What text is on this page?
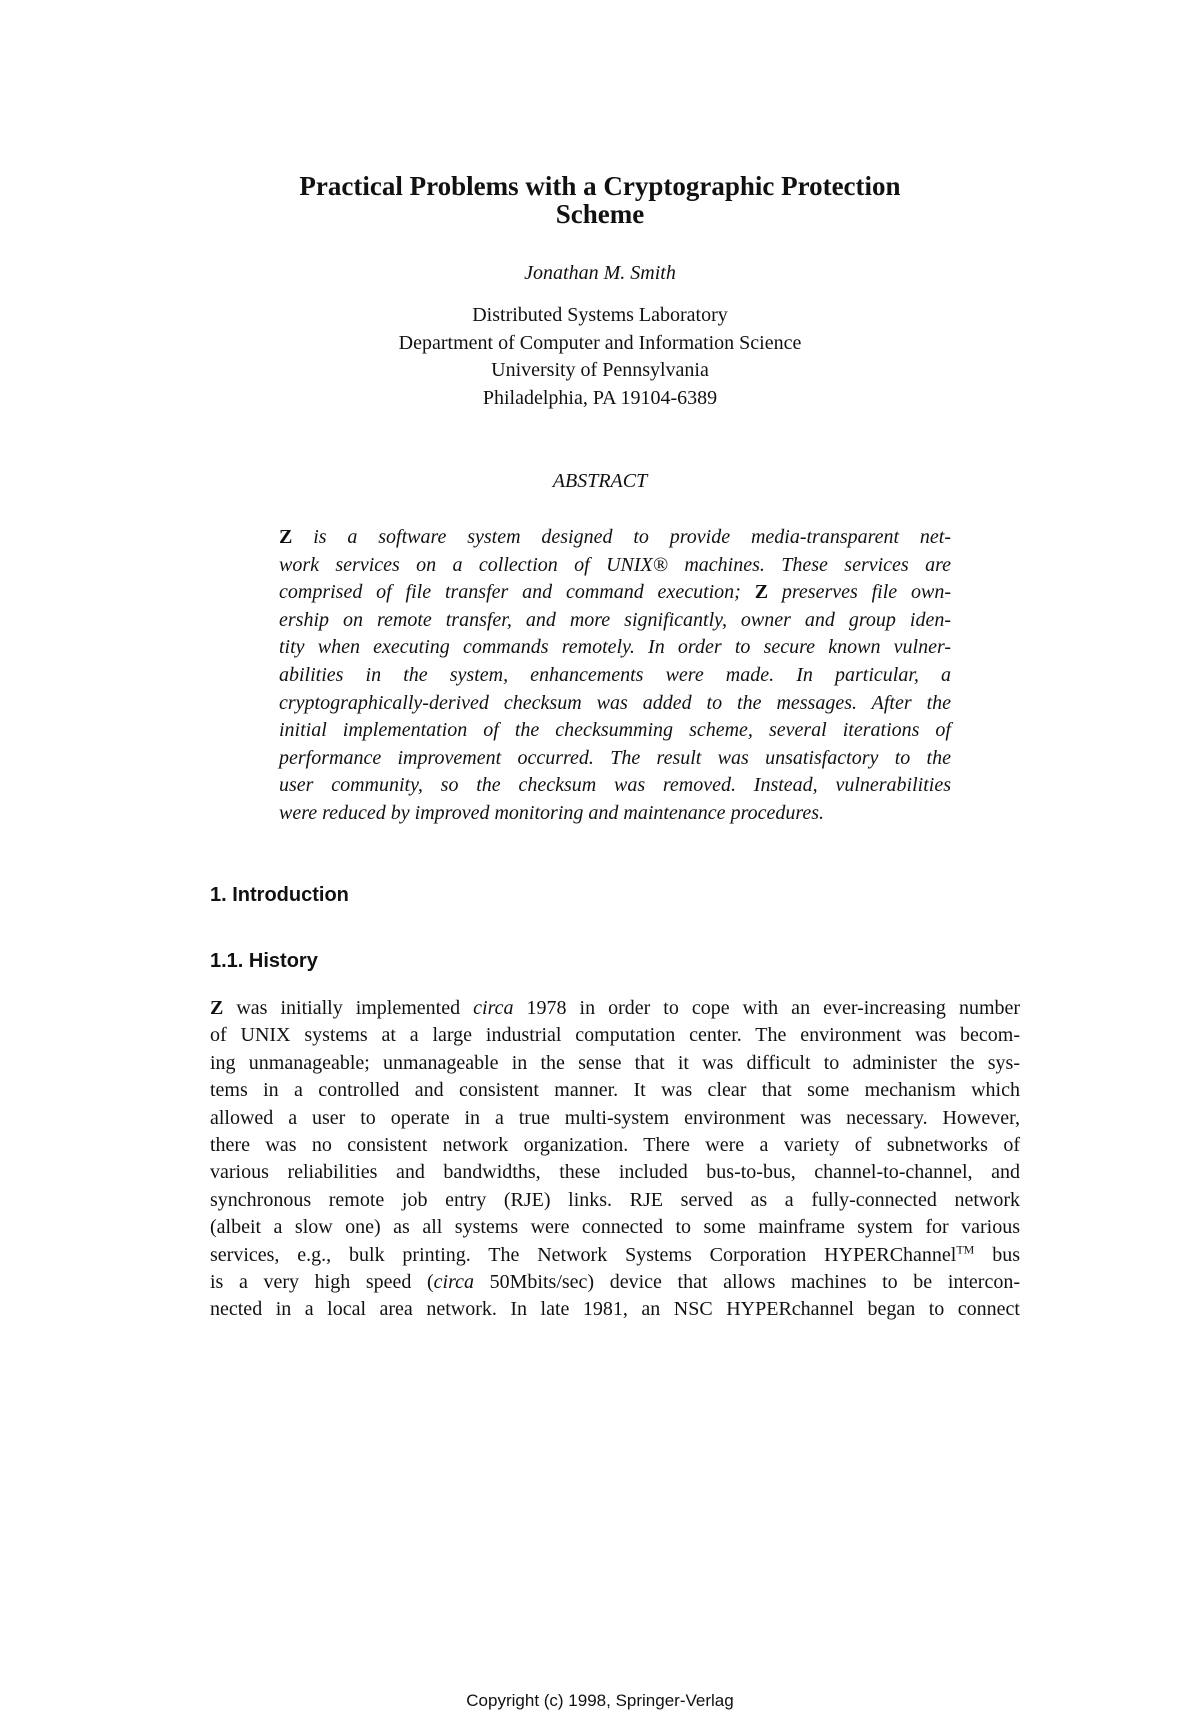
Practical Problems with a Cryptographic Protection
Scheme
Jonathan M. Smith
Distributed Systems Laboratory
Department of Computer and Information Science
University of Pennsylvania
Philadelphia, PA 19104-6389
ABSTRACT
Z is a software system designed to provide media-transparent net-
work services on a collection of UNIX® machines. These services are
comprised of file transfer and command execution; Z preserves file own-
ership on remote transfer, and more significantly, owner and group iden-
tity when executing commands remotely. In order to secure known vulner-
abilities in the system, enhancements were made. In particular, a
cryptographically-derived checksum was added to the messages. After the
initial implementation of the checksumming scheme, several iterations of
performance improvement occurred. The result was unsatisfactory to the
user community, so the checksum was removed. Instead, vulnerabilities
were reduced by improved monitoring and maintenance procedures.
1. Introduction
1.1. History
Z was initially implemented circa 1978 in order to cope with an ever-increasing number
of UNIX systems at a large industrial computation center. The environment was becom-
ing unmanageable; unmanageable in the sense that it was difficult to administer the sys-
tems in a controlled and consistent manner. It was clear that some mechanism which
allowed a user to operate in a true multi-system environment was necessary. However,
there was no consistent network organization. There were a variety of subnetworks of
various reliabilities and bandwidths, these included bus-to-bus, channel-to-channel, and
synchronous remote job entry (RJE) links. RJE served as a fully-connected network
(albeit a slow one) as all systems were connected to some mainframe system for various
services, e.g., bulk printing. The Network Systems Corporation HYPERChannel™ bus
is a very high speed (circa 50Mbits/sec) device that allows machines to be intercon-
nected in a local area network. In late 1981, an NSC HYPERchannel began to connect
Copyright (c) 1998, Springer-Verlag
